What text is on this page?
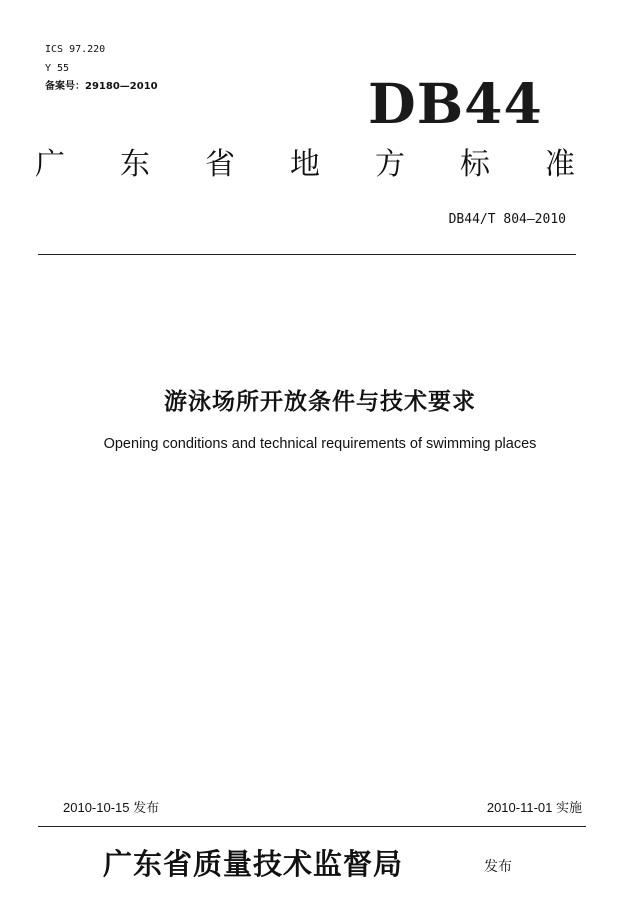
ICS 97.220
Y 55
备案号：29180—2010	DB44
广 东 省 地 方 标 准
DB44/T 804—2010
游泳场所开放条件与技术要求
Opening conditions and technical requirements of swimming places
2010-10-15 发布	2010-11-01 实施
广东省质量技术监督局	发布
